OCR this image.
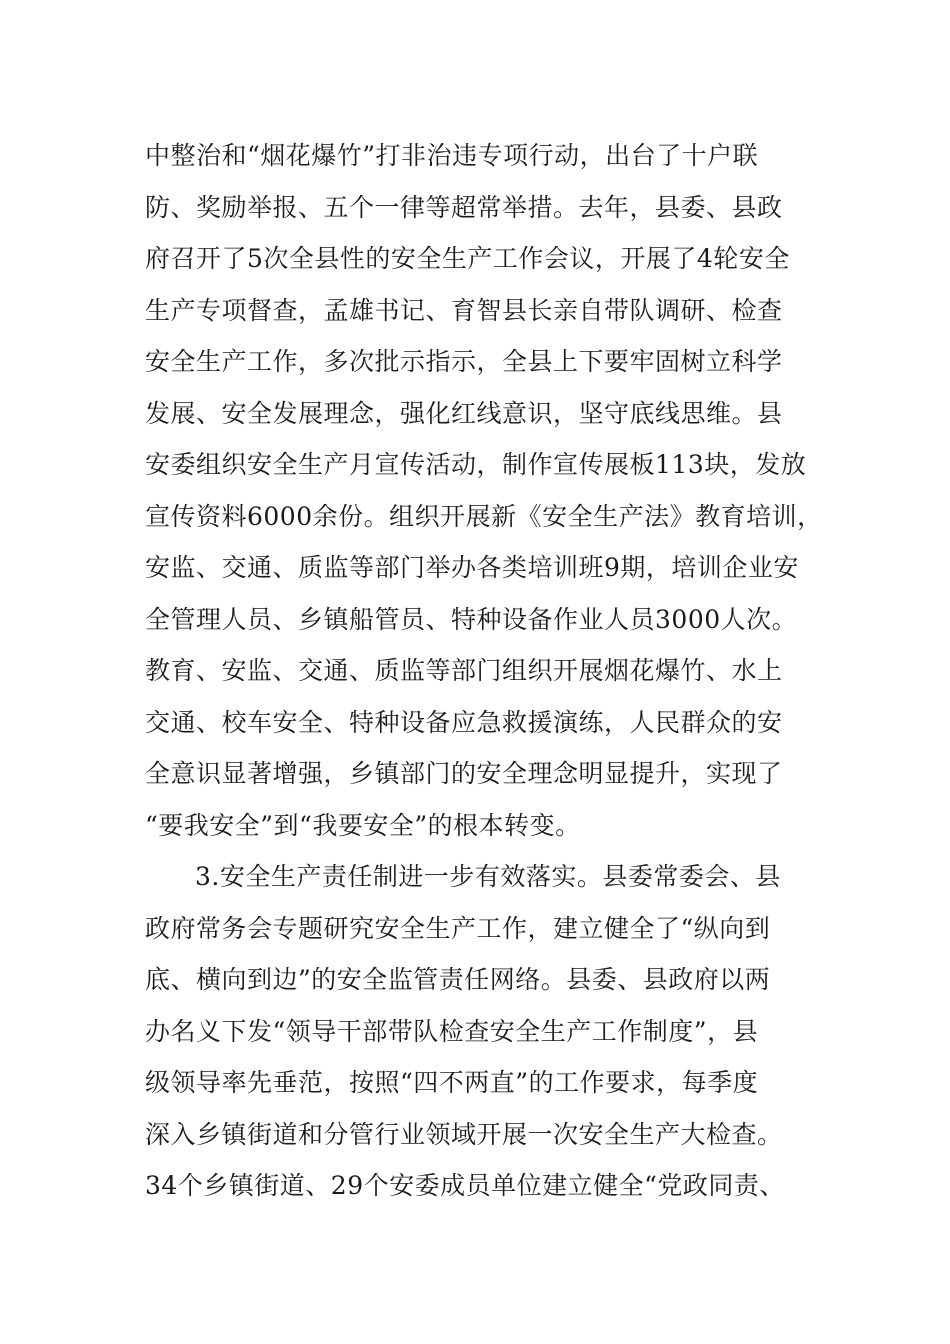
中整治和“烟花爆竹”打非治违专项行动，出台了十户联
防、奖励举报、五个一律等超常举措。去年，县委、县政
府召开了5次全县性的安全生产工作会议，开展了4轮安全
生产专项督查，孟雄书记、育智县长亲自带队调研、检查
安全生产工作，多次批示指示，全县上下要牢固树立科学
发展、安全发展理念，强化红线意识，坚守底线思维。县
安委组织安全生产月宣传活动，制作宣传展板113块，发放
宣传资料6000余份。组织开展新《安全生产法》教育培训，
安监、交通、质监等部门举办各类培训班9期，培训企业安
全管理人员、乡镇船管员、特种设备作业人员3000人次。
教育、安监、交通、质监等部门组织开展烟花爆竹、水上
交通、校车安全、特种设备应急救援演练，人民群众的安
全意识显著增强，乡镇部门的安全理念明显提升，实现了
“要我安全”到“我要安全”的根本转变。
3.安全生产责任制进一步有效落实。县委常委会、县
政府常务会专题研究安全生产工作，建立健全了“纵向到
底、横向到边”的安全监管责任网络。县委、县政府以两
办名义下发“领导干部带队检查安全生产工作制度”，县
级领导率先垂范，按照“四不两直”的工作要求，每季度
深入乡镇街道和分管行业领域开展一次安全生产大检查。
34个乡镇街道、29个安委成员单位建立健全“党政同责、
